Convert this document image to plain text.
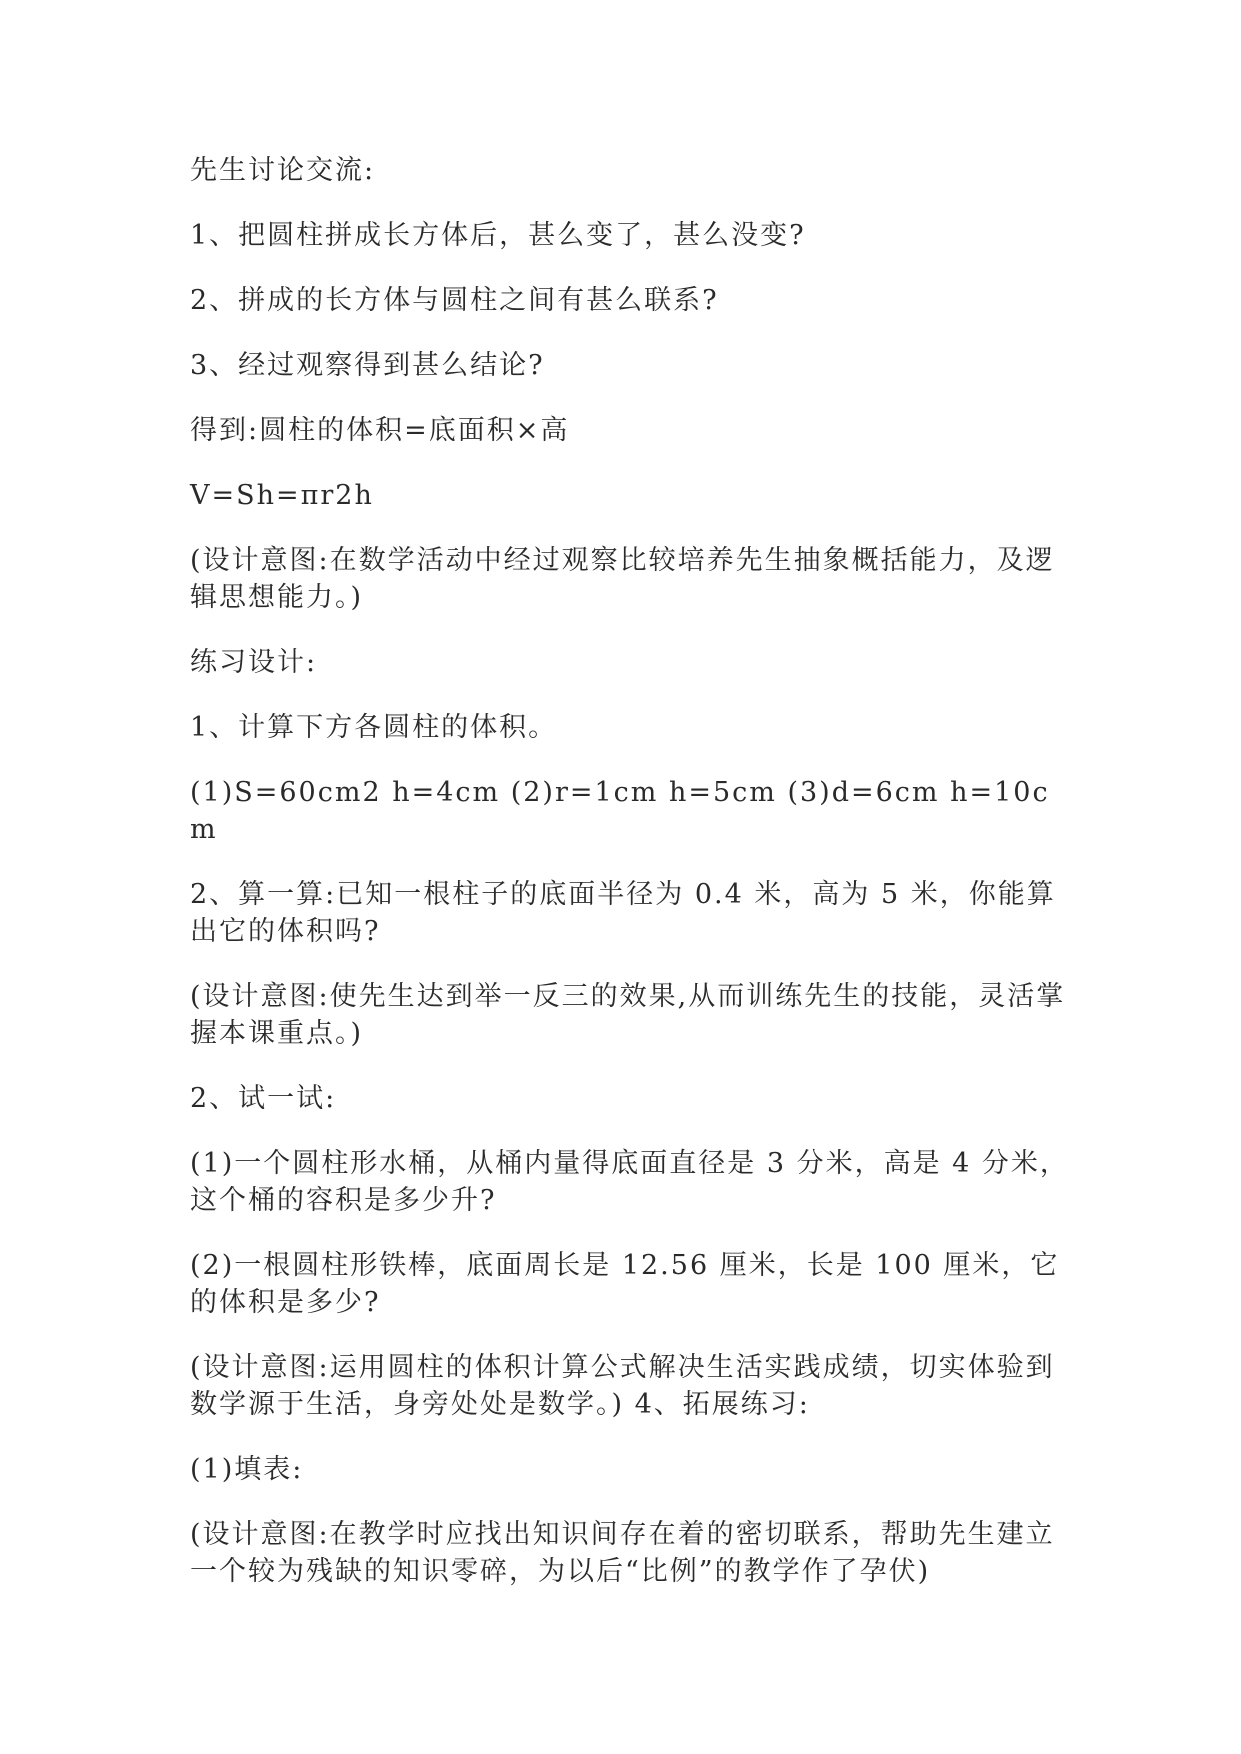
先生讨论交流:

1、把圆柱拼成长方体后，甚么变了，甚么没变?

2、拼成的长方体与圆柱之间有甚么联系?

3、经过观察得到甚么结论?

得到:圆柱的体积=底面积×高

V=Sh=πr2h

(设计意图:在数学活动中经过观察比较培养先生抽象概括能力，及逻辑思想能力。)

练习设计:

1、计算下方各圆柱的体积。

(1)S=60cm2 h=4cm (2)r=1cm h=5cm (3)d=6cm h=10cm

2、算一算:已知一根柱子的底面半径为 0.4 米，高为 5 米，你能算出它的体积吗?

(设计意图:使先生达到举一反三的效果,从而训练先生的技能，灵活掌握本课重点。)

2、试一试:

(1)一个圆柱形水桶，从桶内量得底面直径是 3 分米，高是 4 分米，这个桶的容积是多少升?

(2)一根圆柱形铁棒，底面周长是 12.56 厘米，长是 100 厘米，它的体积是多少?

(设计意图:运用圆柱的体积计算公式解决生活实践成绩，切实体验到数学源于生活，身旁处处是数学。) 4、拓展练习:

(1)填表:

(设计意图:在教学时应找出知识间存在着的密切联系，帮助先生建立一个较为残缺的知识零碎，为以后“比例”的教学作了孕伏)
